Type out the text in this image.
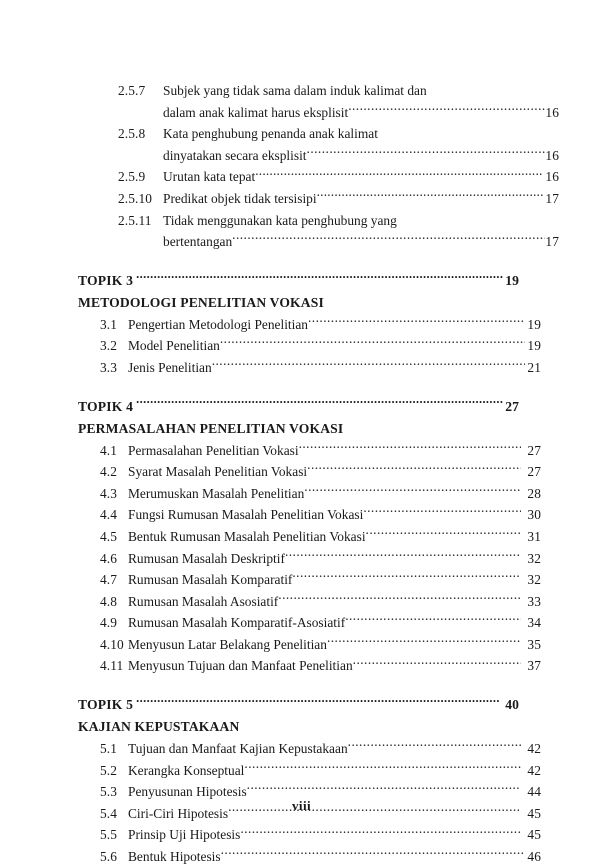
2.5.7	Subjek yang tidak sama dalam induk kalimat dan
dalam anak kalimat harus eksplisit .....	16
2.5.8	Kata penghubung penanda anak kalimat
dinyatakan secara eksplisit .....	16
2.5.9	Urutan kata tepat .....	16
2.5.10 Predikat objek tidak tersisipi .....	17
2.5.11 Tidak menggunakan kata penghubung yang
bertentangan .....	17
TOPIK 3 .....	19
METODOLOGI PENELITIAN VOKASI
3.1 Pengertian Metodologi Penelitian .....	19
3.2 Model Penelitian .....	19
3.3 Jenis Penelitian .....	21
TOPIK 4 .....	27
PERMASALAHAN PENELITIAN VOKASI
4.1 Permasalahan Penelitian Vokasi .....	27
4.2 Syarat Masalah Penelitian Vokasi .....	27
4.3 Merumuskan Masalah Penelitian .....	28
4.4 Fungsi Rumusan Masalah Penelitian Vokasi .....	30
4.5 Bentuk Rumusan Masalah Penelitian Vokasi .....	31
4.6 Rumusan Masalah Deskriptif .....	32
4.7 Rumusan Masalah Komparatif .....	32
4.8 Rumusan Masalah Asosiatif .....	33
4.9 Rumusan Masalah Komparatif-Asosiatif .....	34
4.10 Menyusun Latar Belakang Penelitian .....	35
4.11 Menyusun Tujuan dan Manfaat Penelitian .....	37
TOPIK 5 .....	40
KAJIAN KEPUSTAKAAN
5.1 Tujuan dan Manfaat Kajian Kepustakaan .....	42
5.2 Kerangka Konseptual .....	42
5.3 Penyusunan Hipotesis .....	44
5.4 Ciri-Ciri Hipotesis .....	45
5.5 Prinsip Uji Hipotesis .....	45
5.6 Bentuk Hipotesis .....	46
viii
